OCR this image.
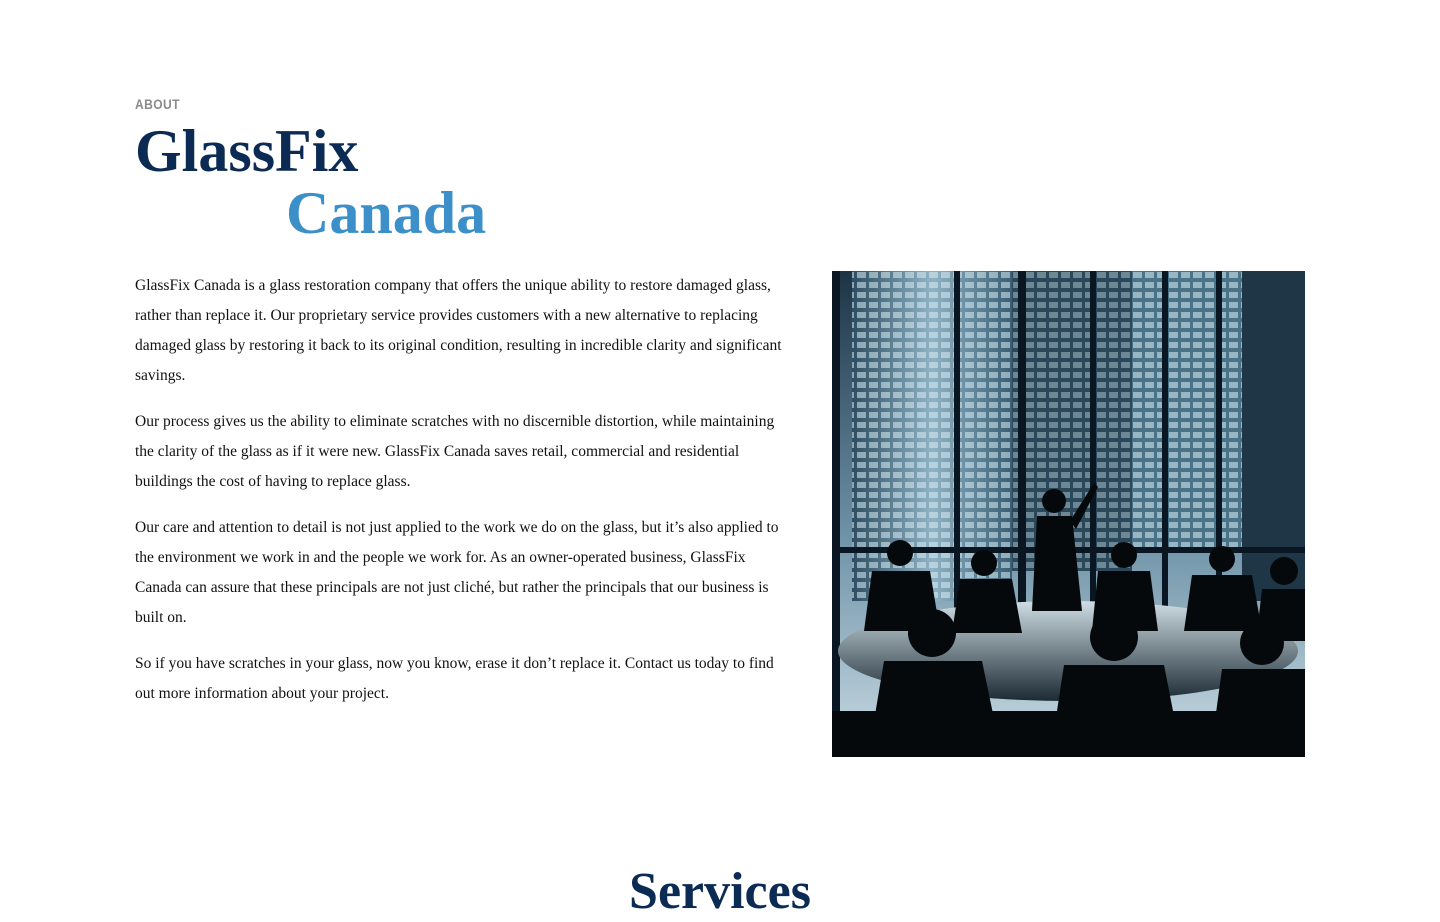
ABOUT
GlassFix
Canada

GlassFix Canada is a glass restoration company that offers the unique ability to restore damaged glass, rather than replace it. Our proprietary service provides customers with a new alternative to replacing damaged glass by restoring it back to its original condition, resulting in incredible clarity and significant savings.

Our process gives us the ability to eliminate scratches with no discernible distortion, while maintaining the clarity of the glass as if it were new. GlassFix Canada saves retail, commercial and residential buildings the cost of having to replace glass.

Our care and attention to detail is not just applied to the work we do on the glass, but it’s also applied to the environment we work in and the people we work for. As an owner-operated business, GlassFix Canada can assure that these principals are not just cliché, but rather the principals that our business is built on.

So if you have scratches in your glass, now you know, erase it don’t replace it. Contact us today to find out more information about your project.

Services
